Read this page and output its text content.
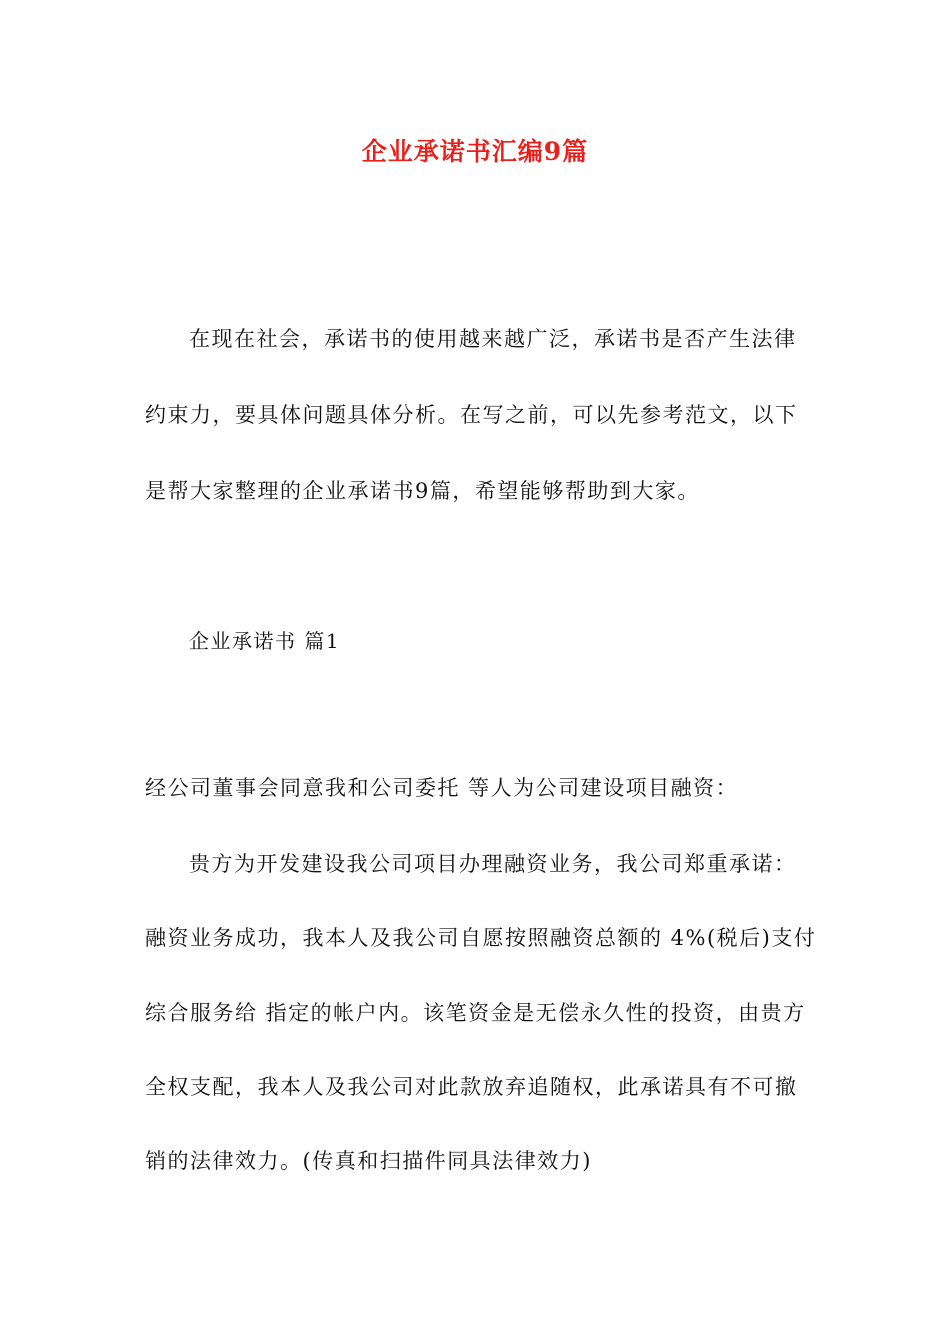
企业承诺书汇编9篇
在现在社会，承诺书的使用越来越广泛，承诺书是否产生法律
约束力，要具体问题具体分析。在写之前，可以先参考范文，以下
是帮大家整理的企业承诺书9篇，希望能够帮助到大家。
企业承诺书 篇1
经公司董事会同意我和公司委托 等人为公司建设项目融资：
贵方为开发建设我公司项目办理融资业务，我公司郑重承诺：
融资业务成功，我本人及我公司自愿按照融资总额的 4%(税后)支付
综合服务给 指定的帐户内。该笔资金是无偿永久性的投资，由贵方
全权支配，我本人及我公司对此款放弃追随权，此承诺具有不可撤
销的法律效力。(传真和扫描件同具法律效力)
